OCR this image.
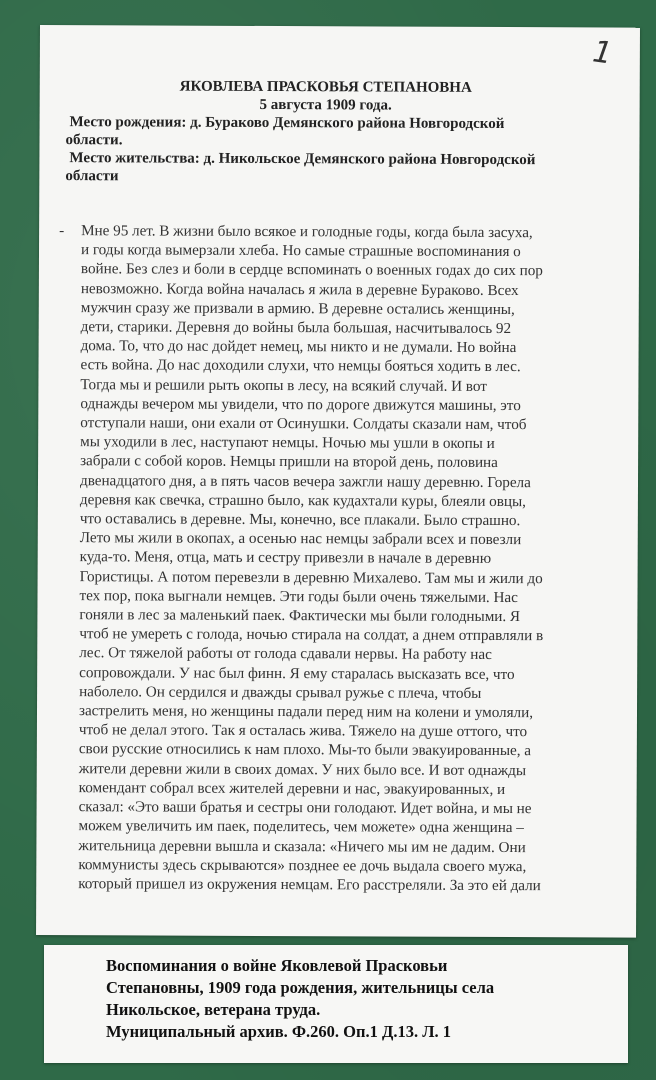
1
ЯКОВЛЕВА ПРАСКОВЬЯ СТЕПАНОВНА
5 августа 1909 года.
Место рождения: д. Бураково Демянского района Новгородской
области.
Место жительства: д. Никольское Демянского района Новгородской
области
-	Мне 95 лет. В жизни было всякое и голодные годы, когда была засуха,
и годы когда вымерзали хлеба. Но самые страшные воспоминания о
войне. Без слез и боли в сердце вспоминать о военных годах до сих пор
невозможно. Когда война началась я жила в деревне Бураково. Всех
мужчин сразу же призвали в армию. В деревне остались женщины,
дети, старики. Деревня до войны была большая, насчитывалось 92
дома. То, что до нас дойдет немец, мы никто и не думали. Но война
есть война. До нас доходили слухи, что немцы бояться ходить в лес.
Тогда мы и решили рыть окопы в лесу, на всякий случай. И вот
однажды вечером мы увидели, что по дороге движутся машины, это
отступали наши, они ехали от Осинушки. Солдаты сказали нам, чтоб
мы уходили в лес, наступают немцы. Ночью мы ушли в окопы и
забрали с собой коров. Немцы пришли на второй день, половина
двенадцатого дня, а в пять часов вечера зажгли нашу деревню. Горела
деревня как свечка, страшно было, как кудахтали куры, блеяли овцы,
что оставались в деревне. Мы, конечно, все плакали. Было страшно.
Лето мы жили в окопах, а осенью нас немцы забрали всех и повезли
куда-то. Меня, отца, мать и сестру привезли в начале в деревню
Гористицы. А потом перевезли в деревню Михалево. Там мы и жили до
тех пор, пока выгнали немцев. Эти годы были очень тяжелыми. Нас
гоняли в лес за маленький паек. Фактически мы были голодными. Я
чтоб не умереть с голода, ночью стирала на солдат, а днем отправляли в
лес. От тяжелой работы от голода сдавали нервы. На работу нас
сопровождали. У нас был финн. Я ему старалась высказать все, что
наболело. Он сердился и дважды срывал ружье с плеча, чтобы
застрелить меня, но женщины падали перед ним на колени и умоляли,
чтоб не делал этого. Так я осталась жива. Тяжело на душе оттого, что
свои русские относились к нам плохо. Мы-то были эвакуированные, а
жители деревни жили в своих домах. У них было все. И вот однажды
комендант собрал всех жителей деревни и нас, эвакуированных, и
сказал: «Это ваши братья и сестры они голодают. Идет война, и мы не
можем увеличить им паек, поделитесь, чем можете» одна женщина –
жительница деревни вышла и сказала: «Ничего мы им не дадим. Они
коммунисты здесь скрываются» позднее ее дочь выдала своего мужа,
который пришел из окружения немцам. Его расстреляли. За это ей дали
Воспоминания о войне Яковлевой Прасковьи
Степановны, 1909 года рождения, жительницы села
Никольское, ветерана труда.
Муниципальный архив. Ф.260. Оп.1 Д.13. Л. 1
